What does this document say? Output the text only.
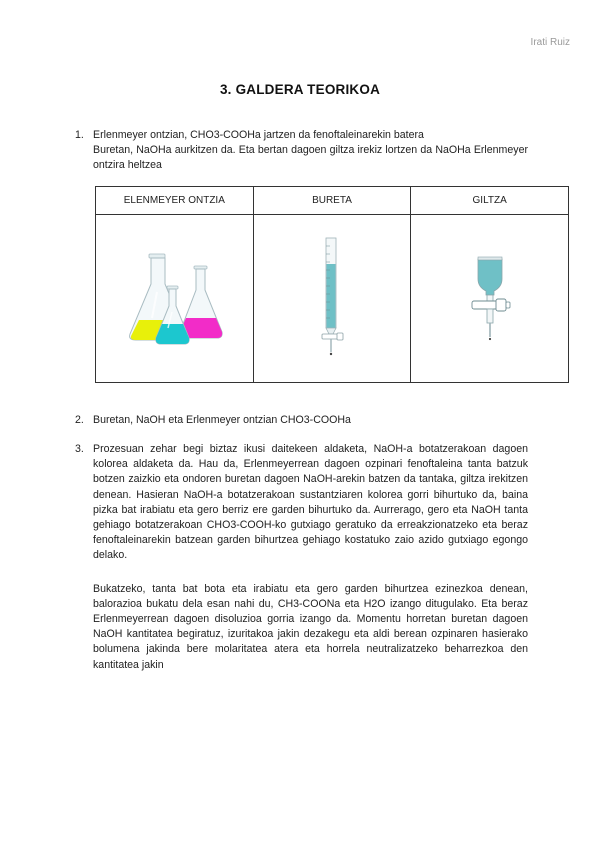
Irati Ruiz
3. GALDERA TEORIKOA
1. Erlenmeyer ontzian, CHO3-COOHa jartzen da fenoftaleinarekin batera

Buretan, NaOHa aurkitzen da. Eta bertan dagoen giltza irekiz lortzen da NaOHa Erlenmeyer ontzira heltzea

ELENMEYER ONTZIA	BURETA	GILTZA

2. Buretan, NaOH eta Erlenmeyer ontzian CHO3-COOHa

3. Prozesuan zehar begi biztaz ikusi daitekeen aldaketa, NaOH-a botatzerakoan dagoen kolorea aldaketa da. Hau da, Erlenmeyerrean dagoen ozpinari fenoftaleina tanta batzuk botzen zaizkio eta ondoren buretan dagoen NaOH-arekin batzen da tantaka, giltza irekitzen denean. Hasieran NaOH-a botatzerakoan sustantziaren kolorea gorri bihurtuko da, baina pizka bat irabiatu eta gero berriz ere garden bihurtuko da. Aurrerago, gero eta NaOH tanta gehiago botatzerakoan CHO3-COOH-ko gutxiago geratuko da erreakzionatzeko eta beraz fenoftaleinarekin batzean garden bihurtzea gehiago kostatuko zaio azido gutxiago egongo delako.

Bukatzeko, tanta bat bota eta irabiatu eta gero garden bihurtzea ezinezkoa denean, balorazioa bukatu dela esan nahi du, CH3-COONa eta H2O izango ditugulako. Eta beraz Erlenmeyerrean dagoen disoluzioa gorria izango da. Momentu horretan buretan dagoen NaOH kantitatea begiratuz, izuritakoa jakin dezakegu eta aldi berean ozpinaren hasierako bolumena jakinda bere molaritatea atera eta horrela neutralizatzeko beharrezkoa den kantitatea jakin
